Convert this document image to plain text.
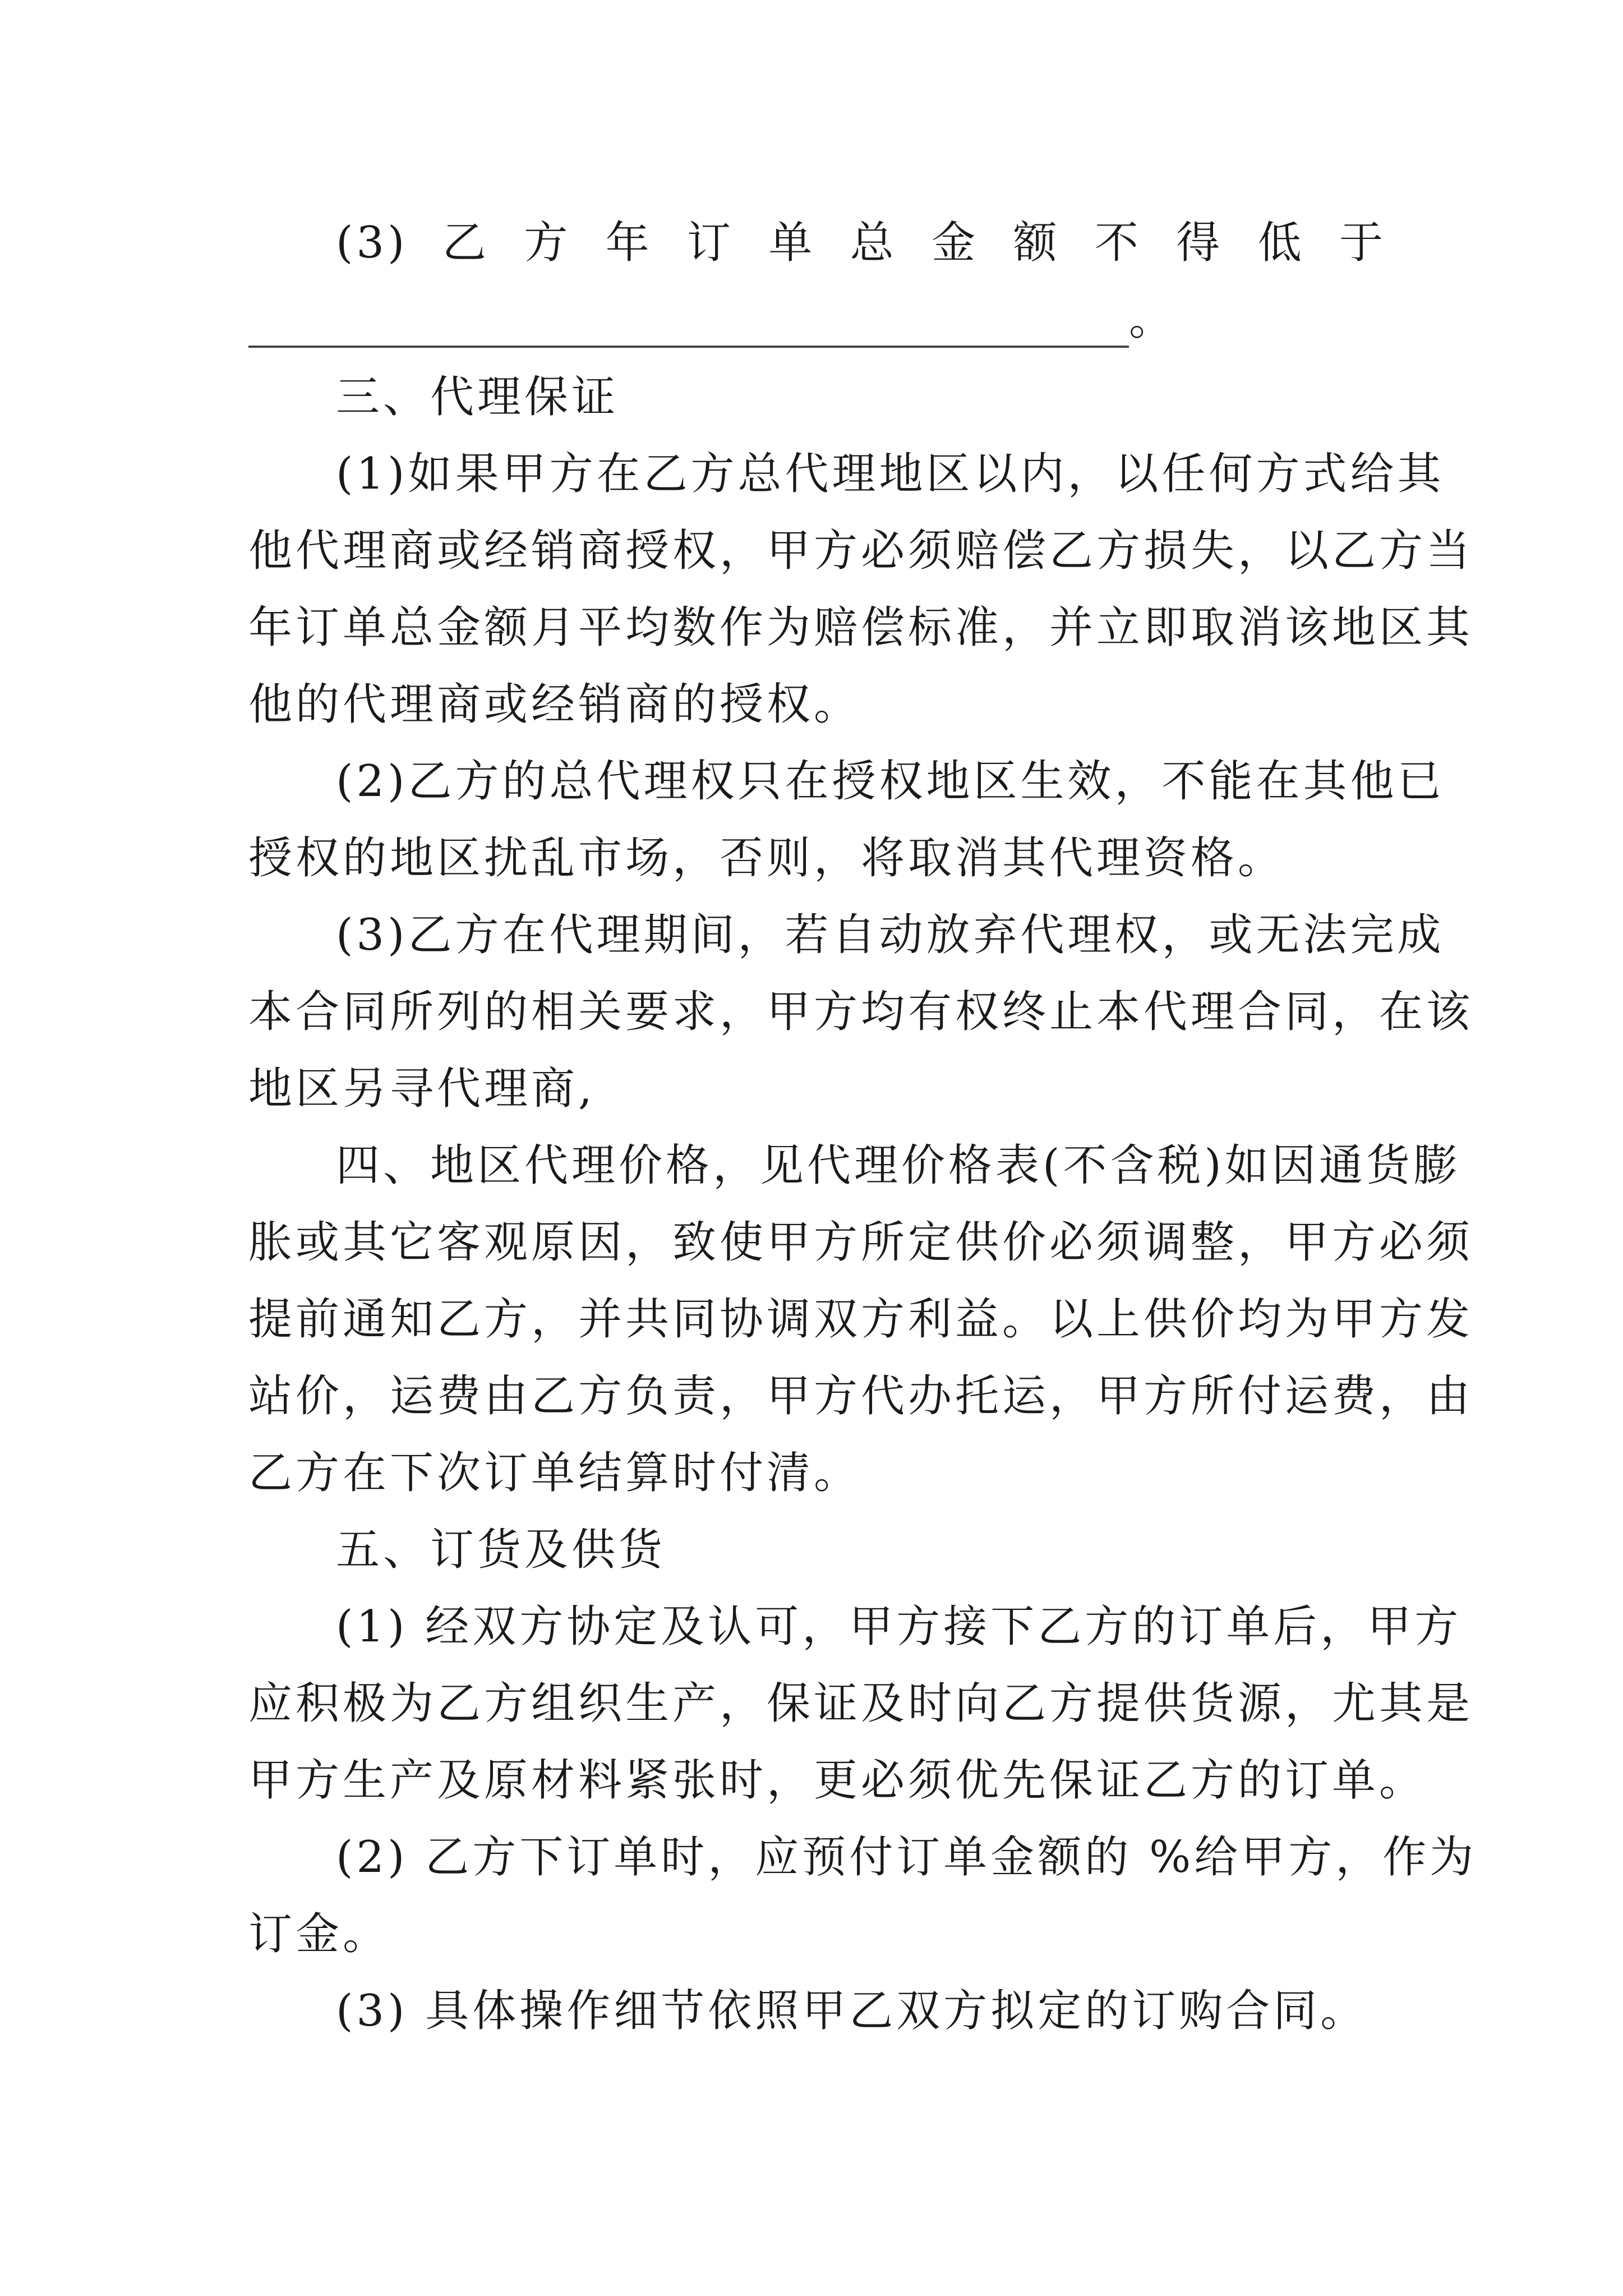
(3) 乙 方 年 订 单 总 金 额 不 得 低 于
。
三、代理保证
(1)如果甲方在乙方总代理地区以内，以任何方式给其
他代理商或经销商授权，甲方必须赔偿乙方损失，以乙方当
年订单总金额月平均数作为赔偿标准，并立即取消该地区其
他的代理商或经销商的授权。
(2)乙方的总代理权只在授权地区生效，不能在其他已
授权的地区扰乱市场，否则，将取消其代理资格。
(3)乙方在代理期间，若自动放弃代理权，或无法完成
本合同所列的相关要求，甲方均有权终止本代理合同，在该
地区另寻代理商,
四、地区代理价格，见代理价格表(不含税)如因通货膨
胀或其它客观原因，致使甲方所定供价必须调整，甲方必须
提前通知乙方，并共同协调双方利益。以上供价均为甲方发
站价，运费由乙方负责，甲方代办托运，甲方所付运费，由
乙方在下次订单结算时付清。
五、订货及供货
(1) 经双方协定及认可，甲方接下乙方的订单后，甲方
应积极为乙方组织生产，保证及时向乙方提供货源，尤其是
甲方生产及原材料紧张时，更必须优先保证乙方的订单。
(2) 乙方下订单时，应预付订单金额的 %给甲方，作为
订金。
(3) 具体操作细节依照甲乙双方拟定的订购合同。
